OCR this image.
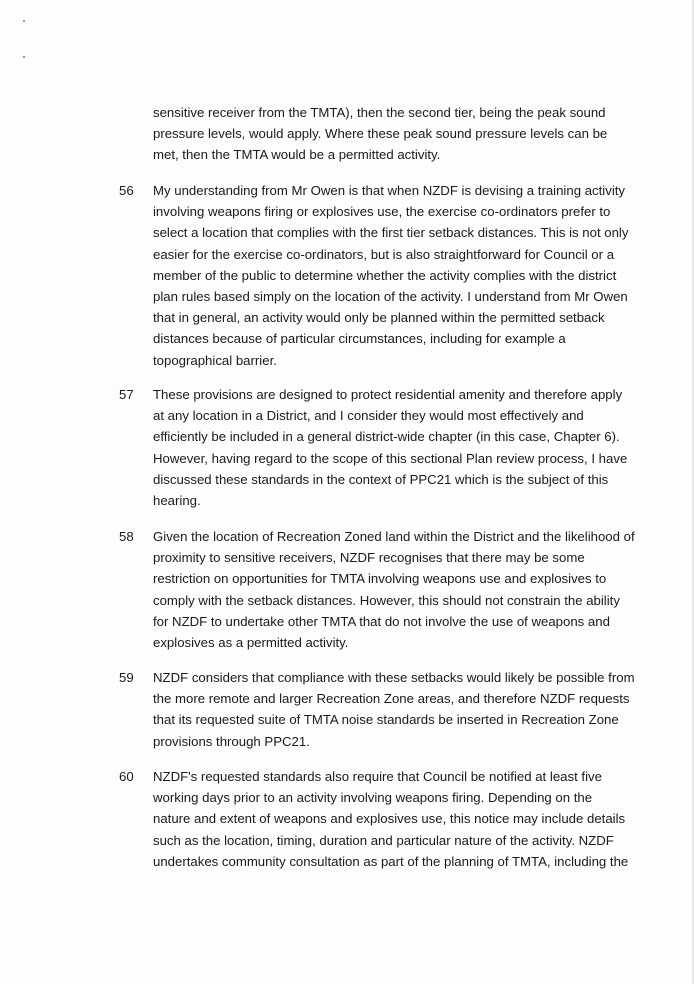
sensitive receiver from the TMTA), then the second tier, being the peak sound
pressure levels, would apply. Where these peak sound pressure levels can be
met, then the TMTA would be a permitted activity.

56 My understanding from Mr Owen is that when NZDF is devising a training activity
involving weapons firing or explosives use, the exercise co-ordinators prefer to
select a location that complies with the first tier setback distances. This is not only
easier for the exercise co-ordinators, but is also straightforward for Council or a
member of the public to determine whether the activity complies with the district
plan rules based simply on the location of the activity. I understand from Mr Owen
that in general, an activity would only be planned within the permitted setback
distances because of particular circumstances, including for example a
topographical barrier.

57 These provisions are designed to protect residential amenity and therefore apply
at any location in a District, and I consider they would most effectively and
efficiently be included in a general district-wide chapter (in this case, Chapter 6).
However, having regard to the scope of this sectional Plan review process, I have
discussed these standards in the context of PPC21 which is the subject of this
hearing.

58 Given the location of Recreation Zoned land within the District and the likelihood of
proximity to sensitive receivers, NZDF recognises that there may be some
restriction on opportunities for TMTA involving weapons use and explosives to
comply with the setback distances. However, this should not constrain the ability
for NZDF to undertake other TMTA that do not involve the use of weapons and
explosives as a permitted activity.

59 NZDF considers that compliance with these setbacks would likely be possible from
the more remote and larger Recreation Zone areas, and therefore NZDF requests
that its requested suite of TMTA noise standards be inserted in Recreation Zone
provisions through PPC21.

60 NZDF's requested standards also require that Council be notified at least five
working days prior to an activity involving weapons firing. Depending on the
nature and extent of weapons and explosives use, this notice may include details
such as the location, timing, duration and particular nature of the activity. NZDF
undertakes community consultation as part of the planning of TMTA, including the
